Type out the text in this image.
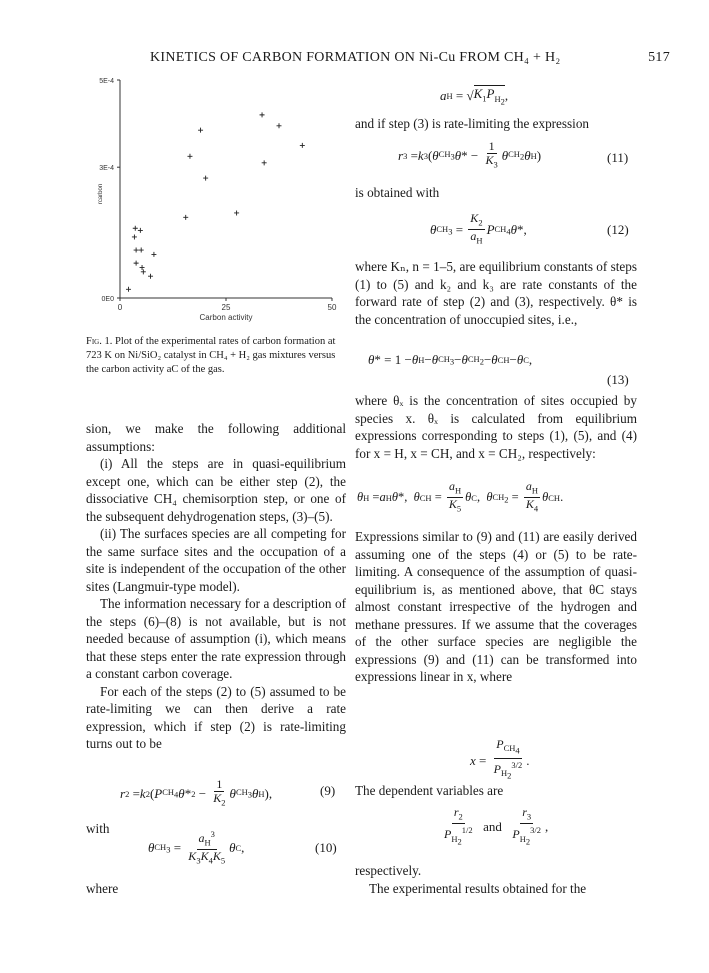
KINETICS OF CARBON FORMATION ON Ni-Cu FROM CH₄ + H₂	517
0E0
3E-4
5E-4
0	25	50
Carbon activity
rcarbon
Fig. 1. Plot of the experimental rates of carbon formation at 723 K on Ni/SiO₂ catalyst in CH₄ + H₂ gas mixtures versus the carbon activity aC of the gas.

sion, we make the following additional assumptions:

(i) All the steps are in quasi-equilibrium except one, which can be either step (2), the dissociative CH₄ chemisorption step, or one of the subsequent dehydrogenation steps, (3)–(5).

(ii) The surfaces species are all competing for the same surface sites and the occupation of a site is independent of the occupation of the other sites (Langmuir-type model).

The information necessary for a description of the steps (6)–(8) is not available, but is not needed because of assumption (i), which means that these steps enter the rate expression through a constant carbon coverage.

For each of the steps (2) to (5) assumed to be rate-limiting we can then derive a rate expression, which if step (2) is rate-limiting turns out to be

r 2 = k 2 ( P $CH_4$ $\theta * 2 - \frac{1}{K_2}$ θ $CH_3$ θ H ),	(9)
with
θ $CH_3 = \frac{a_H^3}{K_3K_4K_5}$ θ C ,	(10)
where
a H = √ $K_1P_{H_2}$ ,
and if step (3) is rate-limiting the expression
r 3 = k 3 ( θ $CH_3$ θ * − $\frac{1}{K_3}$ θ $CH_2$ θ H )	(11)
is obtained with
θ $CH_3 = \frac{K_2}{a_H}$ P $CH_4$ θ *,	(12)
where Kₙ, n = 1–5, are equilibrium constants of steps (1) to (5) and k₂ and k₃ are rate constants of the forward rate of step (2) and (3), respectively. θ* is the concentration of unoccupied sites, i.e.,
θ * = 1 − θ H − θ $CH_3 - \theta$ $CH_2 - \theta$ CH − θ C ,
(13)
where θₓ is the concentration of sites occupied by species x. θₓ is calculated from equilibrium expressions corresponding to steps (1), (5), and (4) for x = H, x = CH, and x = CH₂, respectively:
θ H = a H θ *, θ CH = $\frac{a_H}{K_5}$ θ C , θ $CH_2 = \frac{a_H}{K_4}$ θ CH .
Expressions similar to (9) and (11) are easily derived assuming one of the steps (4) or (5) to be rate-limiting. A consequence of the assumption of quasi-equilibrium is, as mentioned above, that θC stays almost constant irrespective of the hydrogen and methane pressures. If we assume that the coverages of the other surface species are negligible the expressions (9) and (11) can be transformed into expressions linear in x, where
$x = \frac{P_{CH_4}}{P_{H_2}^{3/2}}$ .
The dependent variables are
$\frac{r_2}{P_{H_2}^{1/2}}$
and
$\frac{r_3}{P_{H_2}^{3/2}}$ ,
respectively.

The experimental results obtained for the
